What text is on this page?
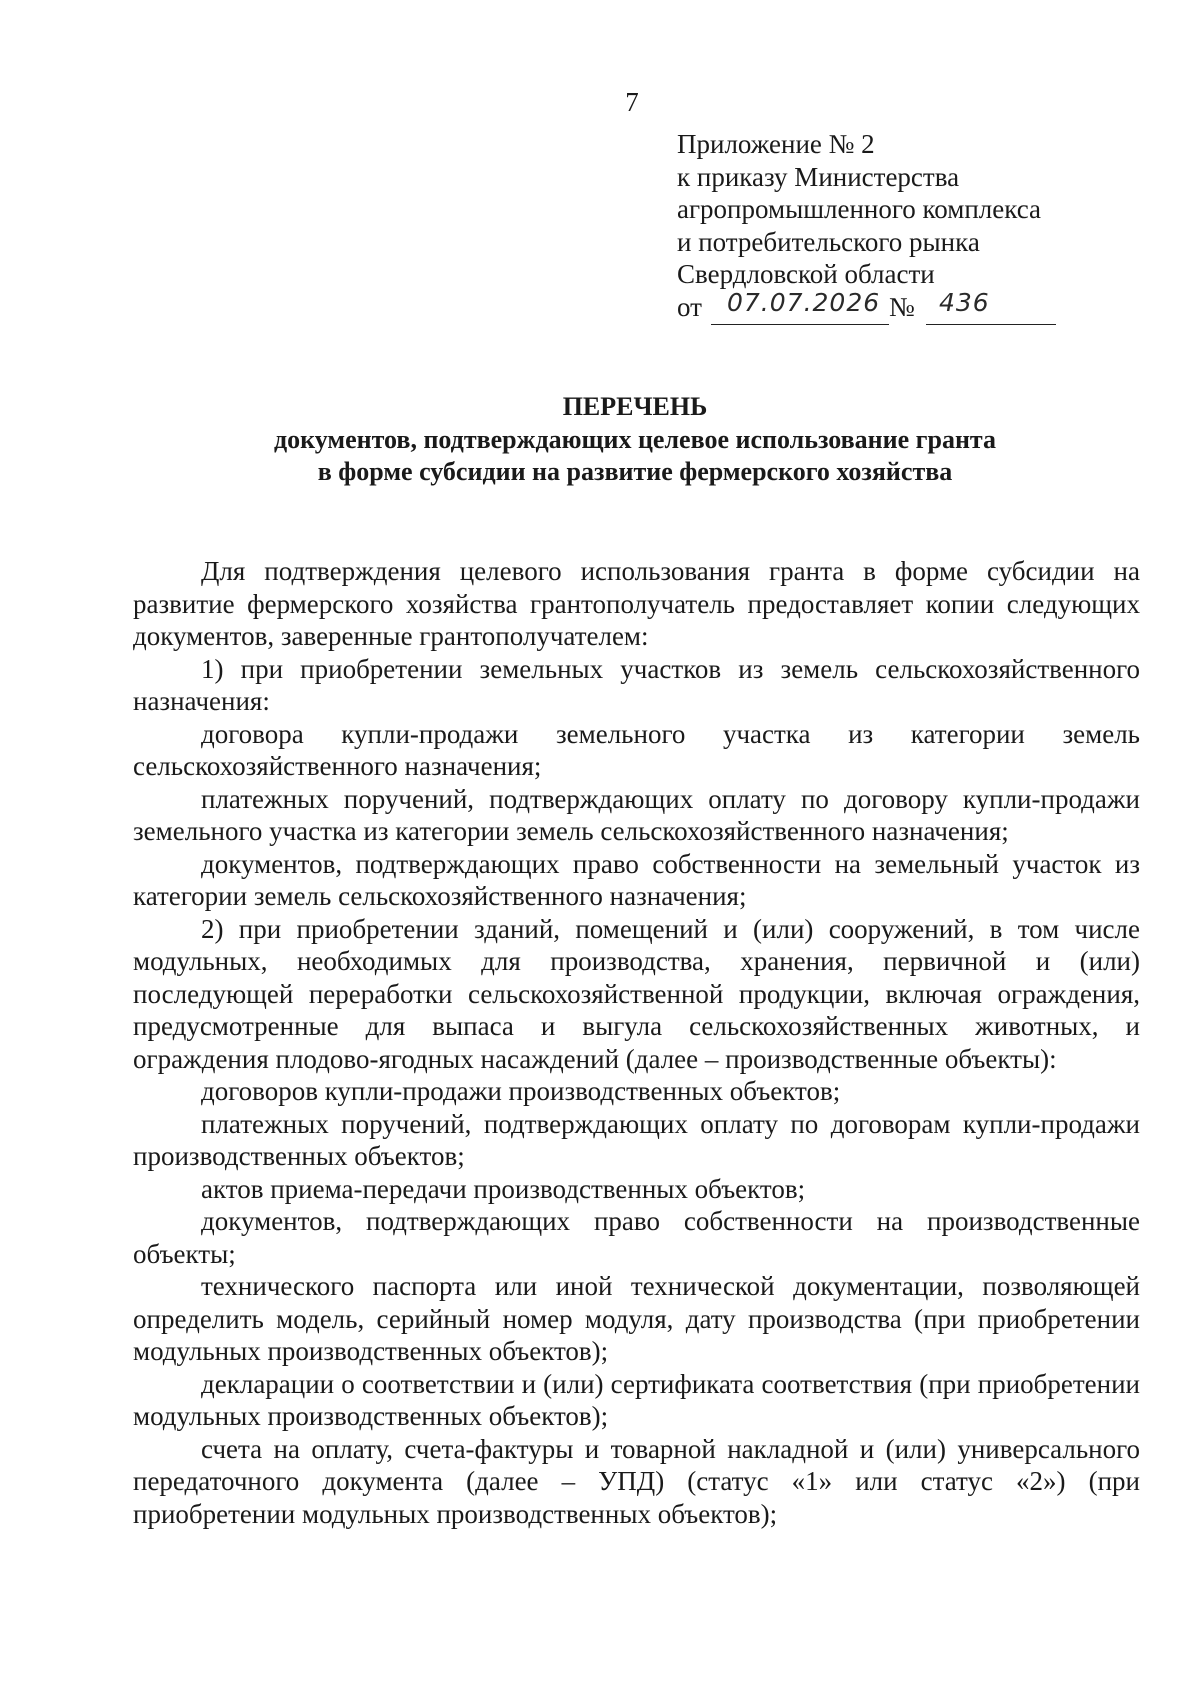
7
Приложение № 2
к приказу Министерства
агропромышленного комплекса
и потребительского рынка
Свердловской области
от 07.07.2026 № 436
ПЕРЕЧЕНЬ
документов, подтверждающих целевое использование гранта
в форме субсидии на развитие фермерского хозяйства

Для подтверждения целевого использования гранта в форме субсидии на развитие фермерского хозяйства грантополучатель предоставляет копии следующих документов, заверенные грантополучателем:

1) при приобретении земельных участков из земель сельскохозяйственного назначения:

договора купли-продажи земельного участка из категории земель сельскохозяйственного назначения;

платежных поручений, подтверждающих оплату по договору купли-продажи земельного участка из категории земель сельскохозяйственного назначения;

документов, подтверждающих право собственности на земельный участок из категории земель сельскохозяйственного назначения;

2) при приобретении зданий, помещений и (или) сооружений, в том числе модульных, необходимых для производства, хранения, первичной и (или) последующей переработки сельскохозяйственной продукции, включая ограждения, предусмотренные для выпаса и выгула сельскохозяйственных животных, и ограждения плодово-ягодных насаждений (далее – производственные объекты):

договоров купли-продажи производственных объектов;

платежных поручений, подтверждающих оплату по договорам купли-продажи производственных объектов;

актов приема-передачи производственных объектов;

документов, подтверждающих право собственности на производственные объекты;

технического паспорта или иной технической документации, позволяющей определить модель, серийный номер модуля, дату производства (при приобретении модульных производственных объектов);

декларации о соответствии и (или) сертификата соответствия (при приобретении модульных производственных объектов);

счета на оплату, счета-фактуры и товарной накладной и (или) универсального передаточного документа (далее – УПД) (статус «1» или статус «2») (при приобретении модульных производственных объектов);
